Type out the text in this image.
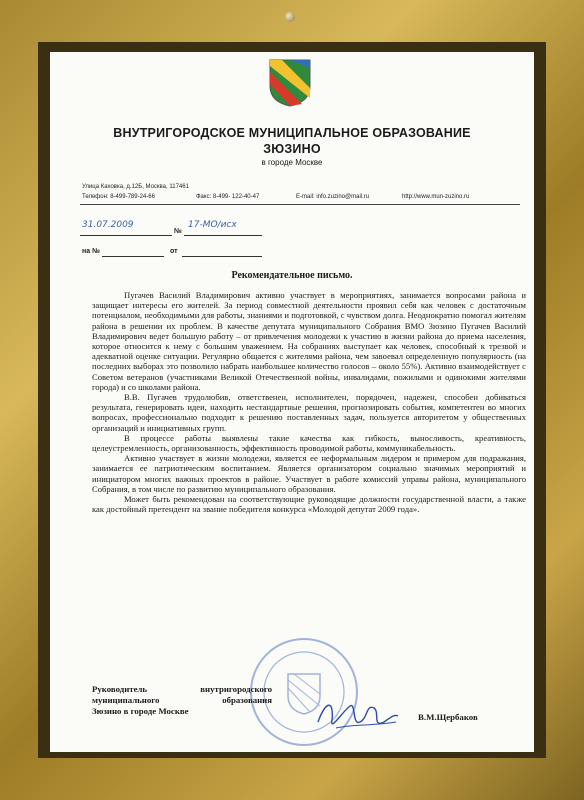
ВНУТРИГОРОДСКОЕ МУНИЦИПАЛЬНОЕ ОБРАЗОВАНИЕ
ЗЮЗИНО
в городе Москве
Улица Каховка, д.12Б, Москва, 117461
Телефон: 8-499-789-24-66	Факс: 8-499- 122-40-47	E-mail: info.zuzino@mail.ru	http://www.mun-zuzino.ru
31.07.2009
№
17-МО/исх
на №	от
Рекомендательное письмо.

Пугачев Василий Владимирович активно участвует в мероприятиях, занимается вопросами района и защищает интересы его жителей. За период совместной деятельности проявил себя как человек с достаточным потенциалом, необходимыми для работы, знаниями и подготовкой, с чувством долга. Неоднократно помогал жителям района в решении их проблем. В качестве депутата муниципального Собрания ВМО Зюзино Пугачев Василий Владимирович ведет большую работу – от привлечения молодежи к участию в жизни района до приема населения, которое относится к нему с большим уважением. На собраниях выступает как человек, способный к трезвой и адекватной оценке ситуации. Регулярно общается с жителями района, чем завоевал определенную популярность (на последних выборах это позволило набрать наибольшее количество голосов – около 55%). Активно взаимодействует с Советом ветеранов (участниками Великой Отечественной войны, инвалидами, пожилыми и одинокими жителями города) и со школами района.

В.В. Пугачев трудолюбив, ответственен, исполнителен, порядочен, надежен, способен добиваться результата, генерировать идеи, находить нестандартные решения, прогнозировать события, компетентен во многих вопросах, профессионально подходит к решению поставленных задач, пользуется авторитетом у общественных организаций и инициативных групп.

В процессе работы выявлены такие качества как гибкость, выносливость, креативность, целеустремленность, организованность, эффективность проводимой работы, коммуникабельность.

Активно участвует в жизни молодежи, является ее неформальным лидером и примером для подражания, занимается ее патриотическим воспитанием. Является организатором социально значимых мероприятий и инициатором многих важных проектов в районе. Участвует в работе комиссий управы района, муниципального Собрания, в том числе по развитию муниципального образования.

Может быть рекомендован на соответствующие руководящие должности государственной власти, а также как достойный претендент на звание победителя конкурса «Молодой депутат 2009 года».

Руководитель внутригородского
муниципального образования
Зюзино в городе Москве
В.М.Щербаков
